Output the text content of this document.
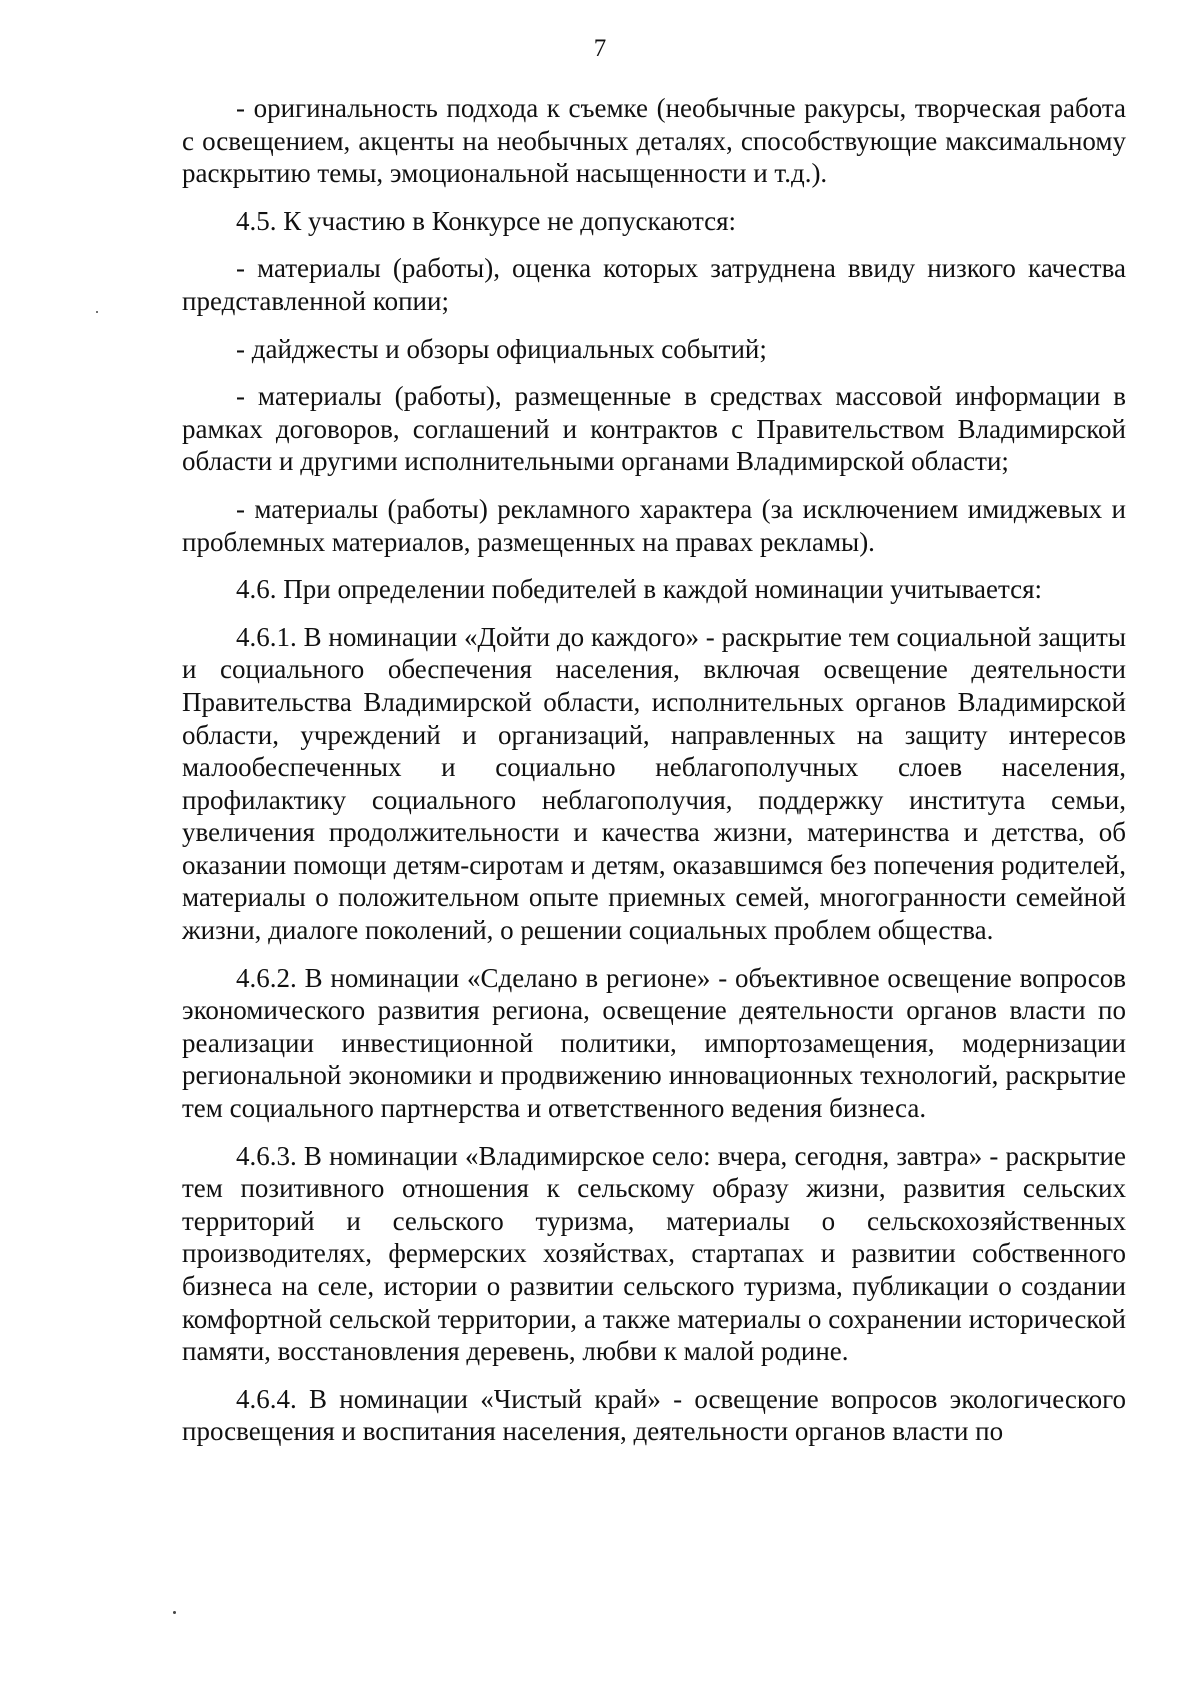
7

- оригинальность подхода к съемке (необычные ракурсы, творческая работа с освещением, акценты на необычных деталях, способствующие максимальному раскрытию темы, эмоциональной насыщенности и т.д.).

4.5. К участию в Конкурсе не допускаются:

- материалы (работы), оценка которых затруднена ввиду низкого качества представленной копии;

- дайджесты и обзоры официальных событий;

- материалы (работы), размещенные в средствах массовой информации в рамках договоров, соглашений и контрактов с Правительством Владимирской области и другими исполнительными органами Владимирской области;

- материалы (работы) рекламного характера (за исключением имиджевых и проблемных материалов, размещенных на правах рекламы).

4.6. При определении победителей в каждой номинации учитывается:

4.6.1. В номинации «Дойти до каждого» - раскрытие тем социальной защиты и социального обеспечения населения, включая освещение деятельности Правительства Владимирской области, исполнительных органов Владимирской области, учреждений и организаций, направленных на защиту интересов малообеспеченных и социально неблагополучных слоев населения, профилактику социального неблагополучия, поддержку института семьи, увеличения продолжительности и качества жизни, материнства и детства, об оказании помощи детям-сиротам и детям, оказавшимся без попечения родителей, материалы о положительном опыте приемных семей, многогранности семейной жизни, диалоге поколений, о решении социальных проблем общества.

4.6.2. В номинации «Сделано в регионе» - объективное освещение вопросов экономического развития региона, освещение деятельности органов власти по реализации инвестиционной политики, импортозамещения, модернизации региональной экономики и продвижению инновационных технологий, раскрытие тем социального партнерства и ответственного ведения бизнеса.

4.6.3. В номинации «Владимирское село: вчера, сегодня, завтра» - раскрытие тем позитивного отношения к сельскому образу жизни, развития сельских территорий и сельского туризма, материалы о сельскохозяйственных производителях, фермерских хозяйствах, стартапах и развитии собственного бизнеса на селе, истории о развитии сельского туризма, публикации о создании комфортной сельской территории, а также материалы о сохранении исторической памяти, восстановления деревень, любви к малой родине.

4.6.4. В номинации «Чистый край» - освещение вопросов экологического просвещения и воспитания населения, деятельности органов власти по
